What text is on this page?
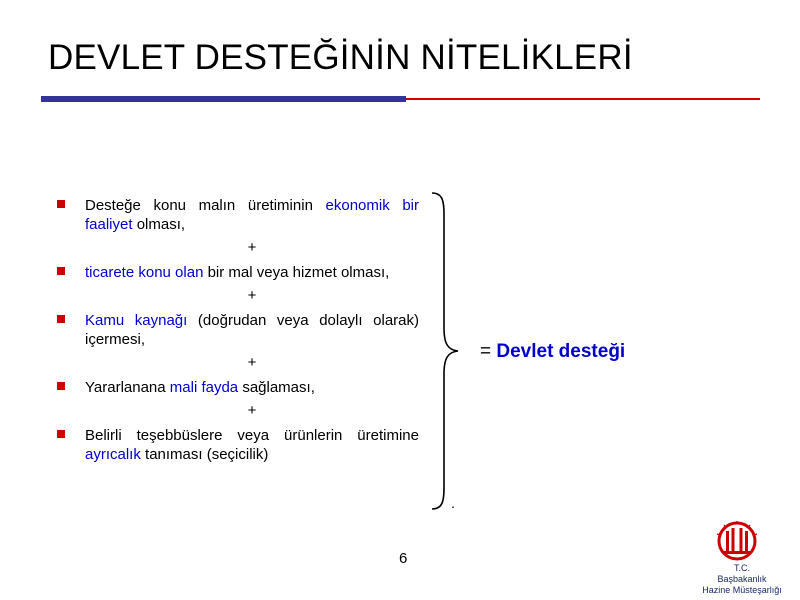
DEVLET DESTEĞİNİN NİTELİKLERİ

Desteğe konu malın üretiminin ekonomik bir faaliyet olması,

+

ticarete konu olan bir mal veya hizmet olması,

+

Kamu kaynağı (doğrudan veya dolaylı olarak) içermesi,

+

Yararlanana mali fayda sağlaması,

+

Belirli teşebbüslere veya ürünlerin üretimine ayrıcalık tanıması (seçicilik)

= Devlet desteği
.
6
T.C.
Başbakanlık
Hazine Müsteşarlığı
